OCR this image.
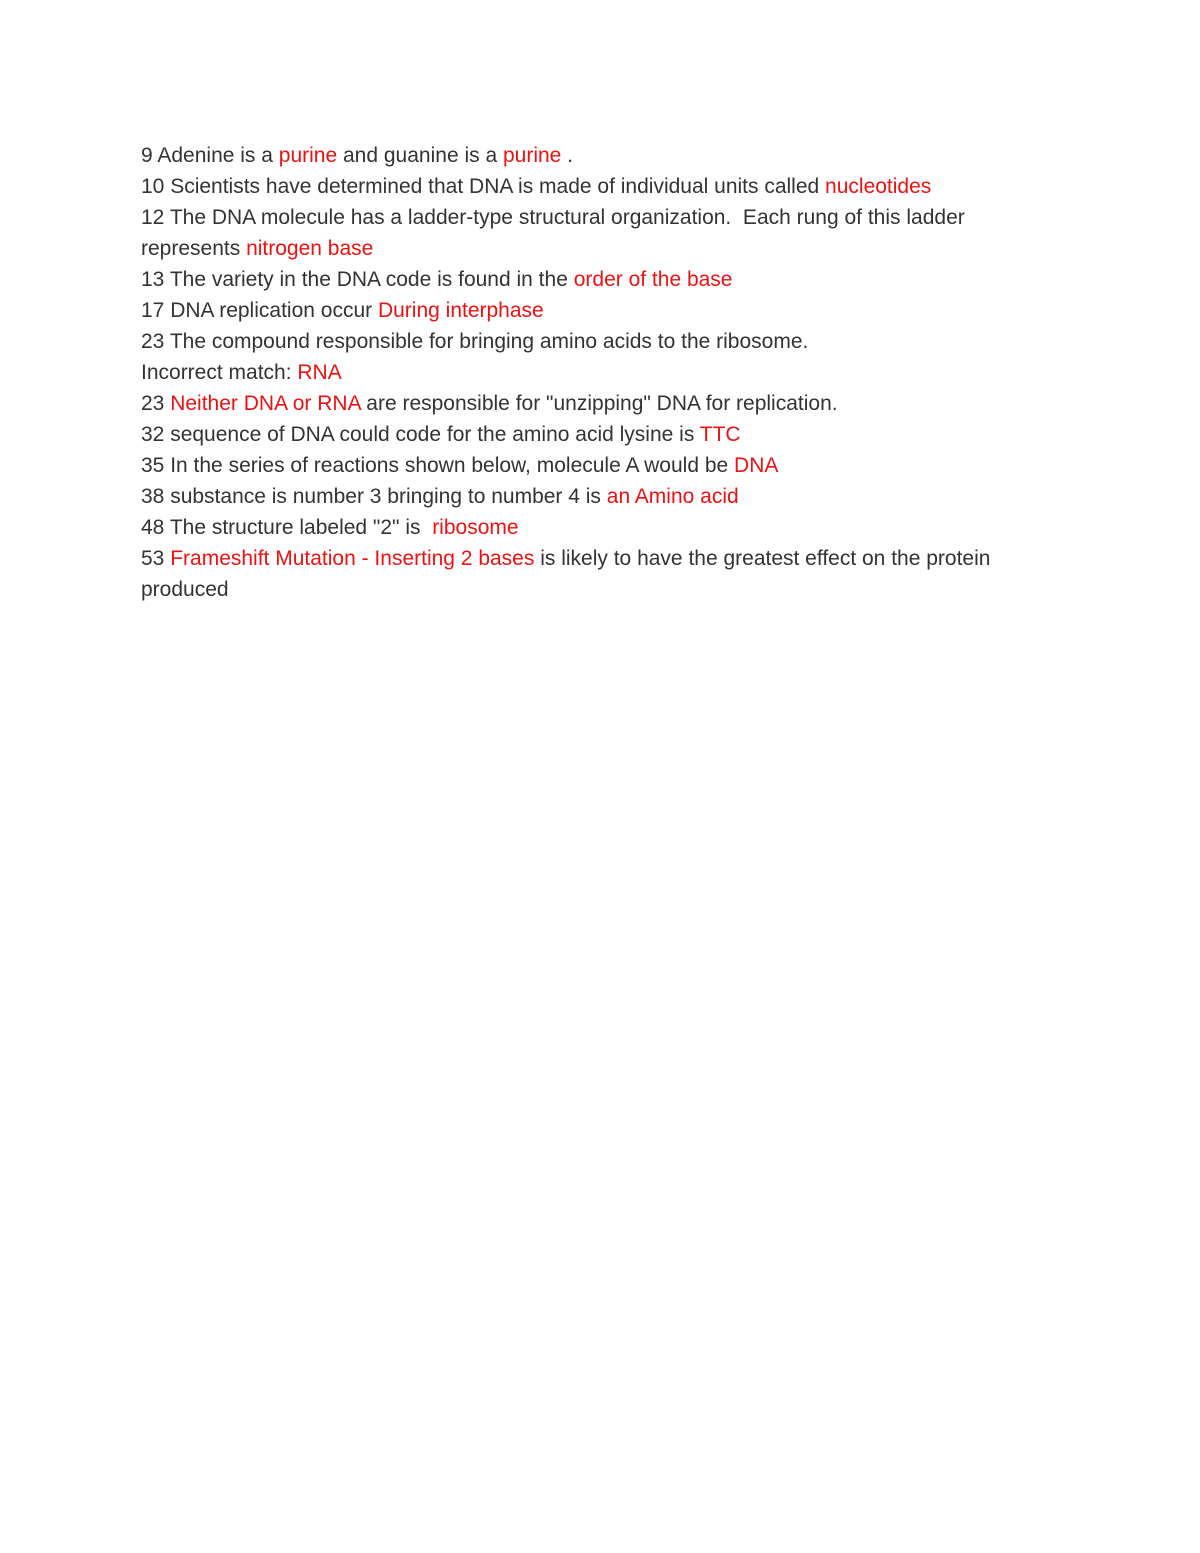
9 Adenine is a purine and guanine is a purine .

10 Scientists have determined that DNA is made of individual units called nucleotides

12 The DNA molecule has a ladder-type structural organization.  Each rung of this ladder represents nitrogen base

13 The variety in the DNA code is found in the order of the base

17 DNA replication occur During interphase

23 The compound responsible for bringing amino acids to the ribosome.

Incorrect match: RNA

23 Neither DNA or RNA are responsible for "unzipping" DNA for replication.

32 sequence of DNA could code for the amino acid lysine is TTC

35 In the series of reactions shown below, molecule A would be DNA

38 substance is number 3 bringing to number 4 is an Amino acid

48 The structure labeled "2" is  ribosome

53 Frameshift Mutation - Inserting 2 bases is likely to have the greatest effect on the protein produced
